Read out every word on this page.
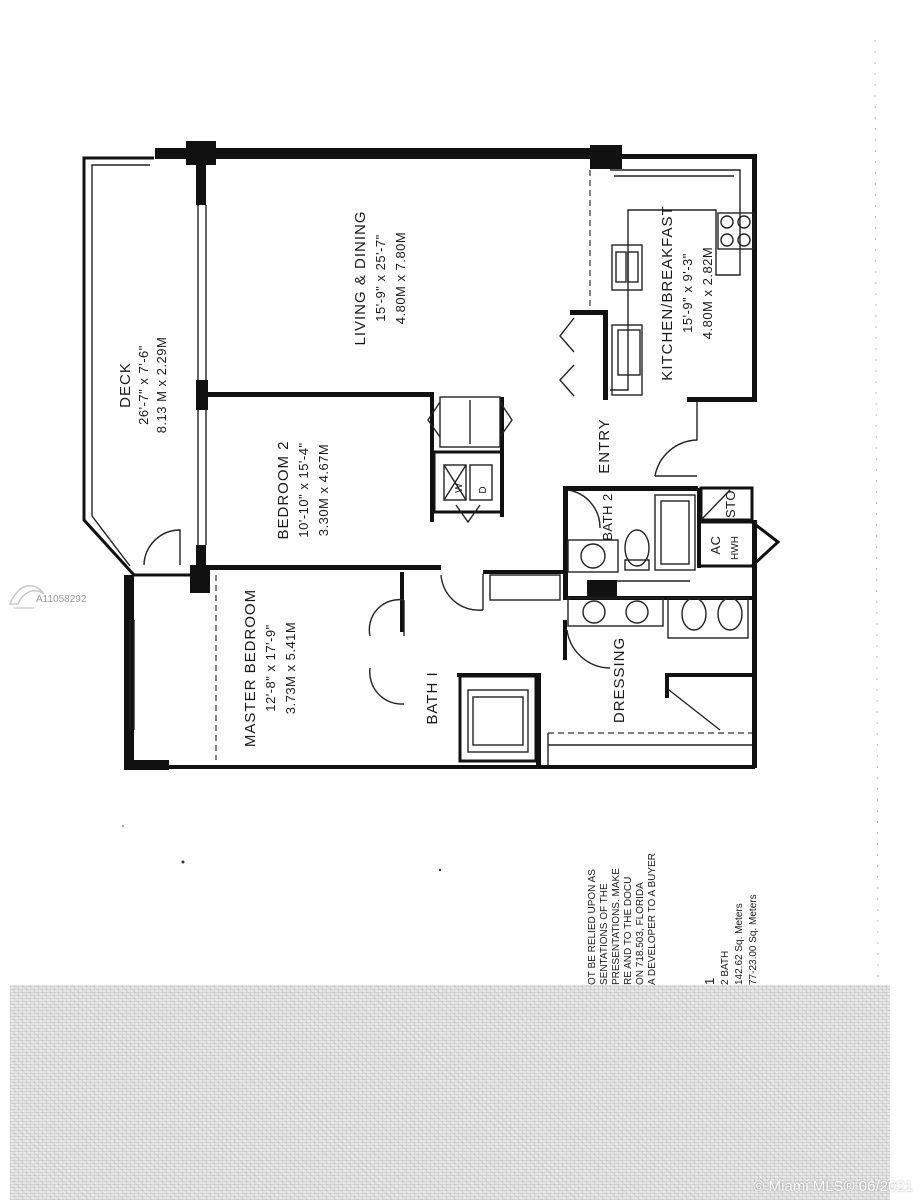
DECK 26'-7" x 7'-6" 8.13 M x 2.29M
LIVING & DINING 15'-9" x 25'-7" 4.80M x 7.80M	KITCHEN/BREAKFAST 15'-9" x 9'-3" 4.80M x 2.82M
BEDROOM 2 10'-10" x 15'-4" 3.30M x 4.67M
MASTER BEDROOM 12'-8" x 17'-9" 3.73M x 5.41M
ENTRY
BATH 2
BATH I	DRESSING
STO
AC HWH
W D
OT BE RELIED UPON AS SENTATIONS OF THE PRESENTATIONS. MAKE RE AND TO THE DOCU ON 718.503, FLORIDA A DEVELOPER TO A BUYER	1 2 BATH 142.62 Sq. Meters 77-23.00 Sq. Meters
A11058292
© Miami MLS® 06/2021
